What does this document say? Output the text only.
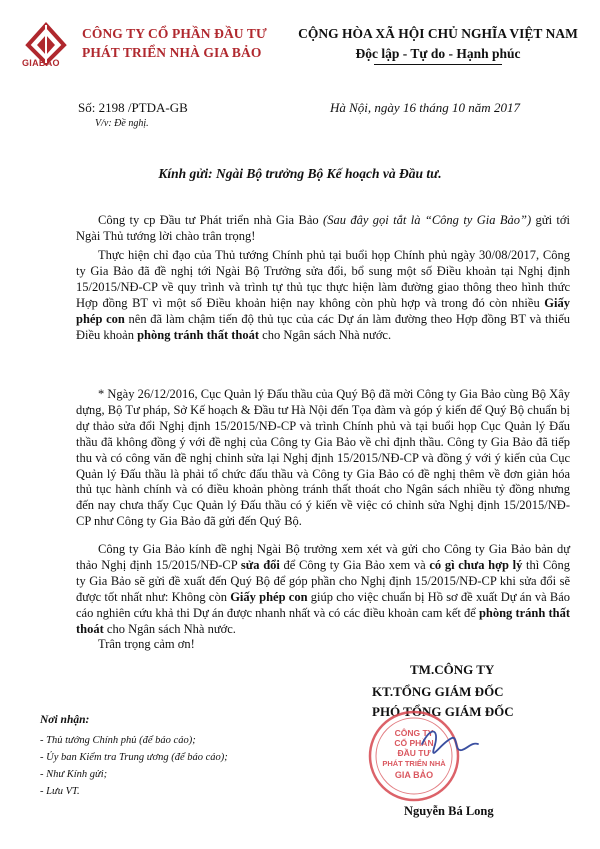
GIABAO
CÔNG TY CỔ PHẦN ĐẦU TƯ
PHÁT TRIỂN NHÀ GIA BẢO
CỘNG HÒA XÃ HỘI CHỦ NGHĨA VIỆT NAM
Độc lập - Tự do - Hạnh phúc
Số: 2198 /PTDA-GB
V/v: Đề nghị.
Hà Nội, ngày 16 tháng 10 năm 2017
Kính gửi: Ngài Bộ trưởng Bộ Kế hoạch và Đầu tư.

Công ty cp Đầu tư Phát triển nhà Gia Bảo (Sau đây gọi tắt là “Công ty Gia Bảo”) gửi tới Ngài Thủ tướng lời chào trân trọng!

Thực hiện chỉ đạo của Thủ tướng Chính phủ tại buổi họp Chính phủ ngày 30/08/2017, Công ty Gia Bảo đã đề nghị tới Ngài Bộ Trưởng sửa đổi, bổ sung một số Điều khoản tại Nghị định 15/2015/NĐ-CP về quy trình và trình tự thủ tục thực hiện làm đường giao thông theo hình thức Hợp đồng BT vì một số Điều khoản hiện nay không còn phù hợp và trong đó còn nhiều Giấy phép con nên đã làm chậm tiến độ thủ tục của các Dự án làm đường theo Hợp đồng BT và thiếu Điều khoản phòng tránh thất thoát cho Ngân sách Nhà nước.

* Ngày 26/12/2016, Cục Quản lý Đấu thầu của Quý Bộ đã mời Công ty Gia Bảo cùng Bộ Xây dựng, Bộ Tư pháp, Sở Kế hoạch & Đầu tư Hà Nội đến Tọa đàm và góp ý kiến để Quý Bộ chuẩn bị dự thảo sửa đổi Nghị định 15/2015/NĐ-CP và trình Chính phủ và tại buổi họp Cục Quản lý Đấu thầu đã không đồng ý với đề nghị của Công ty Gia Bảo về chỉ định thầu. Công ty Gia Bảo đã tiếp thu và có công văn đề nghị chỉnh sửa lại Nghị định 15/2015/NĐ-CP và đồng ý với ý kiến của Cục Quản lý Đấu thầu là phải tổ chức đấu thầu và Công ty Gia Bảo có đề nghị thêm về đơn giản hóa thủ tục hành chính và có điều khoản phòng tránh thất thoát cho Ngân sách nhiều tỷ đồng nhưng đến nay chưa thấy Cục Quản lý Đấu thầu có ý kiến về việc có chỉnh sửa Nghị định 15/2015/NĐ-CP như Công ty Gia Bảo đã gửi đến Quý Bộ.

Công ty Gia Bảo kính đề nghị Ngài Bộ trưởng xem xét và gửi cho Công ty Gia Bảo bản dự thảo Nghị định 15/2015/NĐ-CP sửa đổi để Công ty Gia Bảo xem và có gì chưa hợp lý thì Công ty Gia Bảo sẽ gửi đề xuất đến Quý Bộ để góp phần cho Nghị định 15/2015/NĐ-CP khi sửa đổi sẽ được tốt nhất như: Không còn Giấy phép con giúp cho việc chuẩn bị Hồ sơ đề xuất Dự án và Báo cáo nghiên cứu khả thi Dự án được nhanh nhất và có các điều khoản cam kết để phòng tránh thất thoát cho Ngân sách Nhà nước.

Trân trọng cảm ơn!
TM.CÔNG TY
KT.TỔNG GIÁM ĐỐC
PHÓ TỔNG GIÁM ĐỐC
CÔNG TY
CỔ PHẦN
ĐẦU TƯ
PHÁT TRIỂN NHÀ
GIA BẢO
Nguyễn Bá Long
Nơi nhận:
- Thủ tướng Chính phủ (để báo cáo);
- Ủy ban Kiểm tra Trung ương (để báo cáo);
- Như Kính gửi;
- Lưu VT.
